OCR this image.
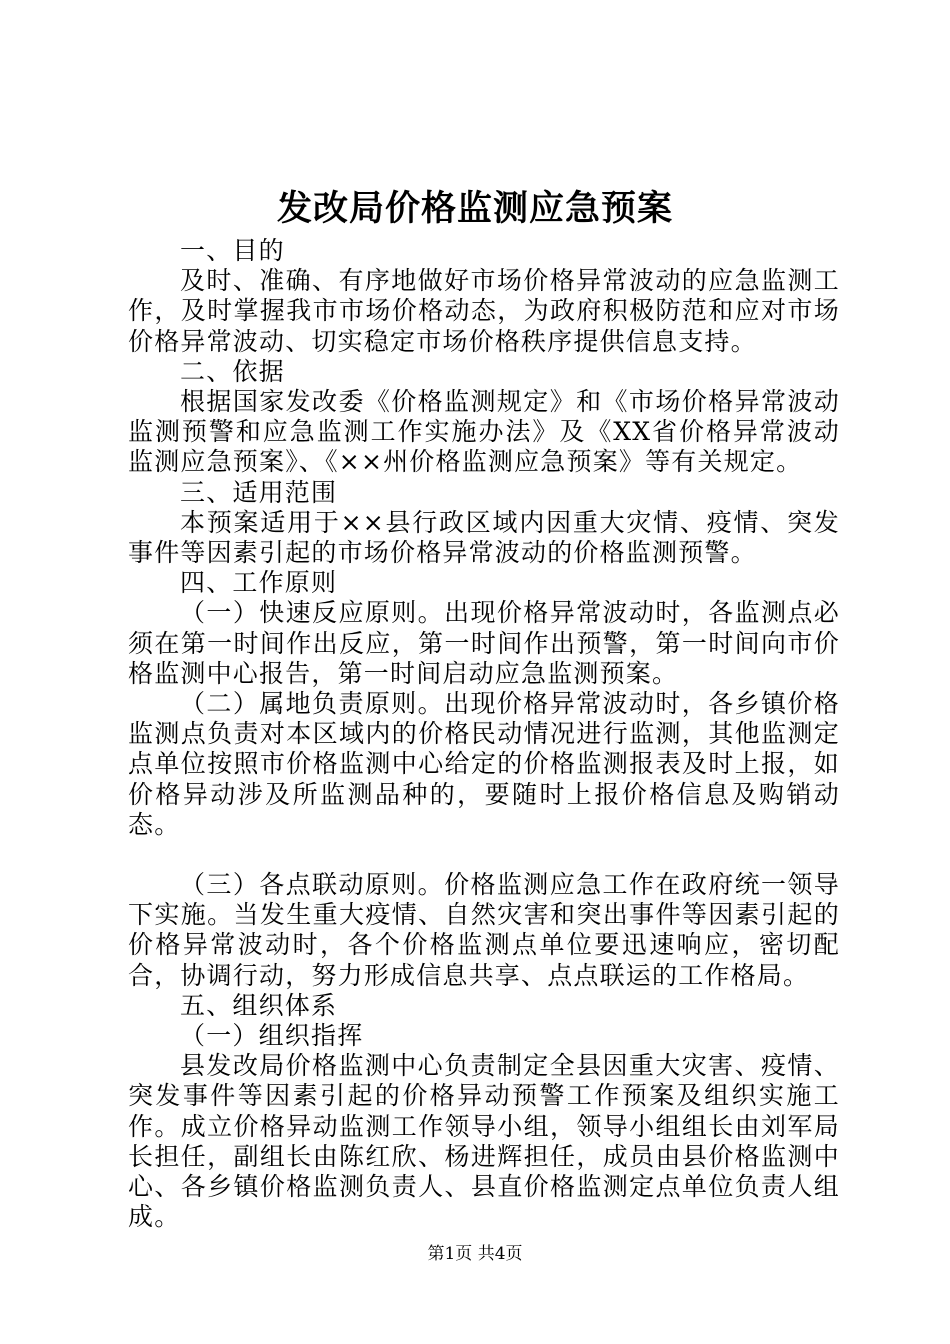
发改局价格监测应急预案

一、目的

及时、准确、有序地做好市场价格异常波动的应急监测工作，及时掌握我市市场价格动态，为政府积极防范和应对市场价格异常波动、切实稳定市场价格秩序提供信息支持。

二、依据

根据国家发改委《价格监测规定》和《市场价格异常波动监测预警和应急监测工作实施办法》及《XX省价格异常波动监测应急预案》、《××州价格监测应急预案》等有关规定。

三、适用范围

本预案适用于××县行政区域内因重大灾情、疫情、突发事件等因素引起的市场价格异常波动的价格监测预警。

四、工作原则

（一）快速反应原则。出现价格异常波动时，各监测点必须在第一时间作出反应，第一时间作出预警，第一时间向市价格监测中心报告，第一时间启动应急监测预案。

（二）属地负责原则。出现价格异常波动时，各乡镇价格监测点负责对本区域内的价格民动情况进行监测，其他监测定点单位按照市价格监测中心给定的价格监测报表及时上报，如价格异动涉及所监测品种的，要随时上报价格信息及购销动态。

（三）各点联动原则。价格监测应急工作在政府统一领导下实施。当发生重大疫情、自然灾害和突出事件等因素引起的价格异常波动时，各个价格监测点单位要迅速响应，密切配合，协调行动，努力形成信息共享、点点联运的工作格局。

五、组织体系

（一）组织指挥

县发改局价格监测中心负责制定全县因重大灾害、疫情、突发事件等因素引起的价格异动预警工作预案及组织实施工作。成立价格异动监测工作领导小组，领导小组组长由刘军局长担任，副组长由陈红欣、杨进辉担任，成员由县价格监测中心、各乡镇价格监测负责人、县直价格监测定点单位负责人组成。

第1页 共4页
